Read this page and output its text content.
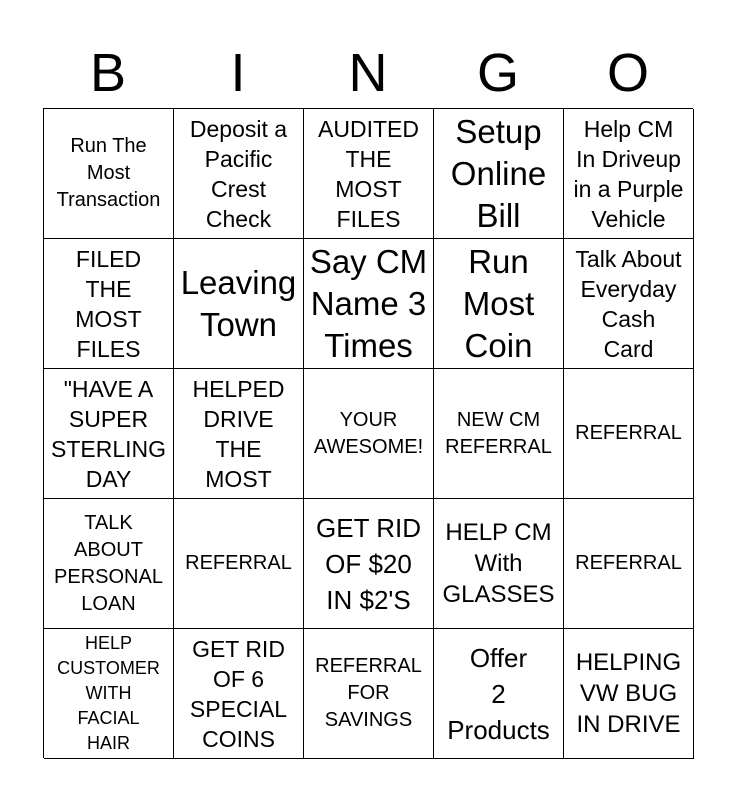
B	I	N	G	O
Run The
Most
Transaction
Deposit a
Pacific
Crest
Check
AUDITED
THE
MOST
FILES
Setup
Online
Bill
Help CM
In Driveup
in a Purple
Vehicle
FILED
THE
MOST
FILES
Leaving
Town
Say CM
Name 3
Times
Run
Most
Coin
Talk About
Everyday
Cash
Card
"HAVE A
SUPER
STERLING
DAY
HELPED
DRIVE
THE
MOST
YOUR
AWESOME!
NEW CM
REFERRAL
REFERRAL
TALK
ABOUT
PERSONAL
LOAN
REFERRAL
GET RID
OF $20
IN $2'S
HELP CM
With
GLASSES
REFERRAL
HELP
CUSTOMER
WITH
FACIAL
HAIR
GET RID
OF 6
SPECIAL
COINS
REFERRAL
FOR
SAVINGS
Offer
2
Products
HELPING
VW BUG
IN DRIVE
